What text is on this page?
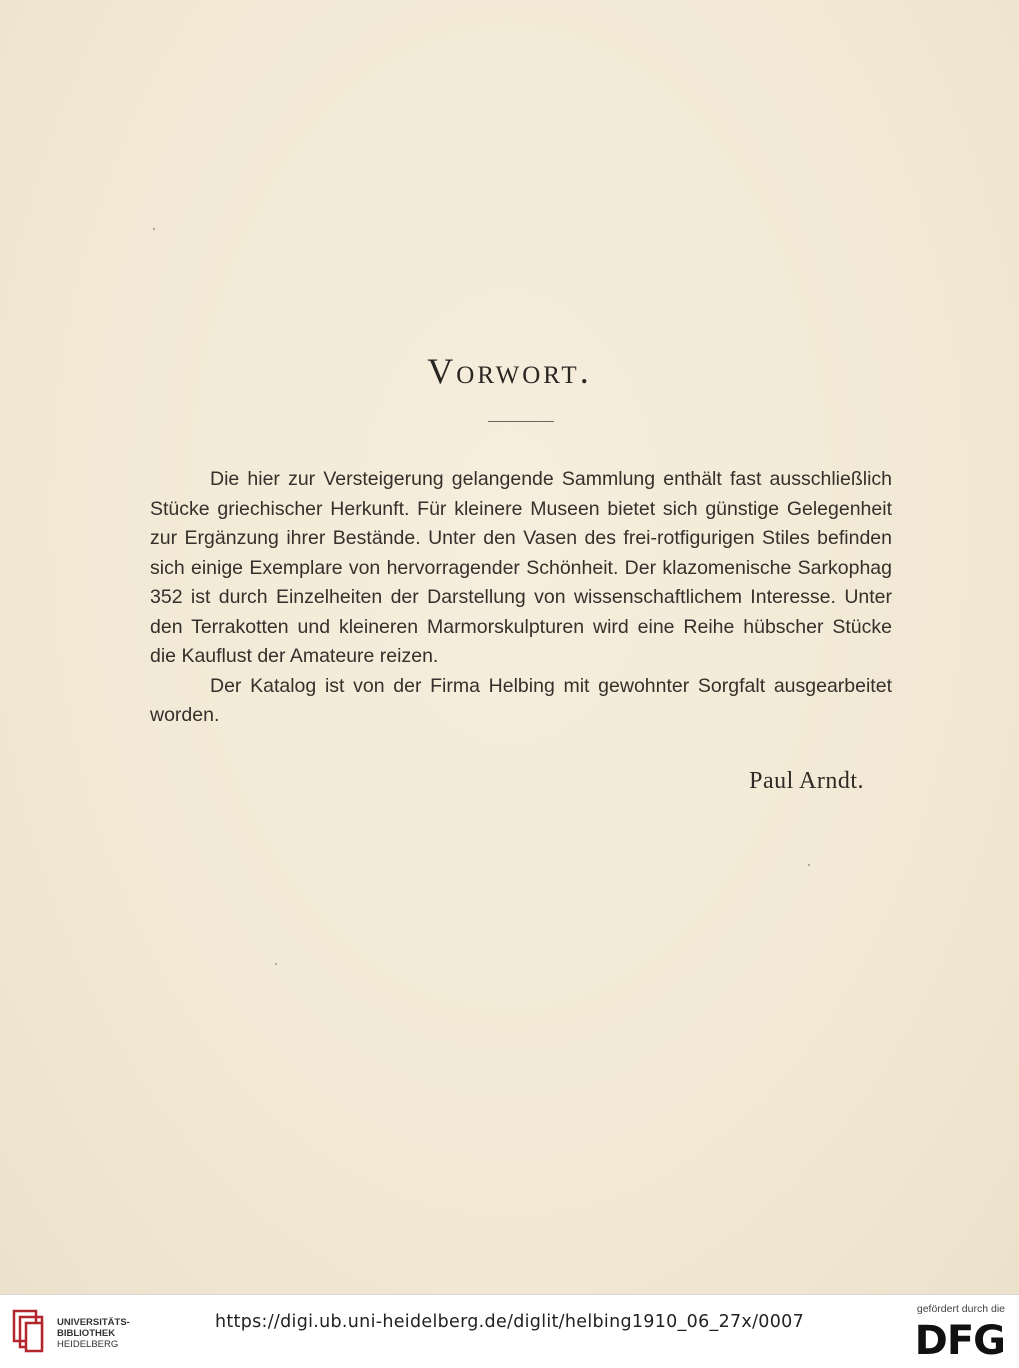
Vorwort.

Die hier zur Versteigerung gelangende Sammlung enthält fast ausschließlich Stücke griechischer Herkunft. Für kleinere Museen bietet sich günstige Gelegenheit zur Ergänzung ihrer Bestände. Unter den Vasen des frei-rotfigurigen Stiles befinden sich einige Exemplare von hervorragender Schönheit. Der klazomenische Sarkophag 352 ist durch Einzelheiten der Darstellung von wissenschaftlichem Interesse. Unter den Terrakotten und kleineren Marmorskulpturen wird eine Reihe hübscher Stücke die Kauflust der Amateure reizen.

Der Katalog ist von der Firma Helbing mit gewohnter Sorgfalt ausgearbeitet worden.

Paul Arndt.
UNIVERSITÄTS-
BIBLIOTHEK
HEIDELBERG
https://digi.ub.uni-heidelberg.de/diglit/helbing1910_06_27x/0007
gefördert durch die
DFG
